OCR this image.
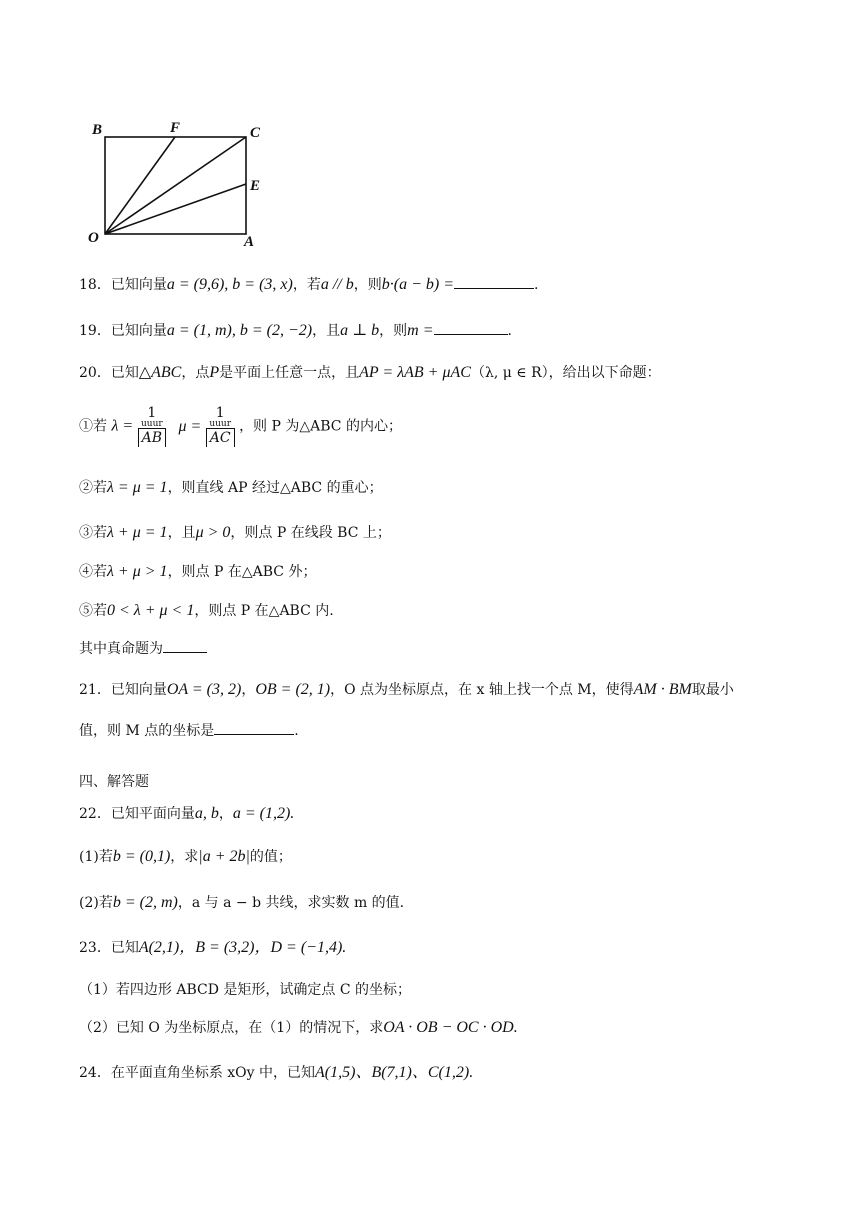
B	F	C
E
O	A
18．已知向量a = (9,6), b = (3, x)，若a // b，则b·(a − b) =	.
19．已知向量a = (1, m), b = (2, −2)，且a ⊥ b，则m =	.
20．已知△ABC，点P是平面上任意一点，且AP = λAB + μAC（λ, μ ∈ R），给出以下命题：
①若 λ =
1
uuur
AB
μ =
1
uuur
AC
，则 P 为△ABC 的内心；
②若λ = μ = 1，则直线 AP 经过△ABC 的重心；
③若λ + μ = 1，且μ > 0，则点 P 在线段 BC 上；
④若λ + μ > 1，则点 P 在△ABC 外；
⑤若0 < λ + μ < 1，则点 P 在△ABC 内.
其中真命题为
21．已知向量OA = (3, 2)，OB = (2, 1)，O 点为坐标原点，在 x 轴上找一个点 M，使得AM · BM取最小
值，则 M 点的坐标是	.
四、解答题
22．已知平面向量a, b，a = (1,2).
(1)若b = (0,1)，求|a + 2b|的值；
(2)若b = (2, m)，a 与 a − b 共线，求实数 m 的值.
23．已知A(2,1)，B = (3,2)，D = (−1,4).
（1）若四边形 ABCD 是矩形，试确定点 C 的坐标；
（2）已知 O 为坐标原点，在（1）的情况下，求OA · OB − OC · OD.
24．在平面直角坐标系 xOy 中，已知A(1,5)、B(7,1)、C(1,2).
